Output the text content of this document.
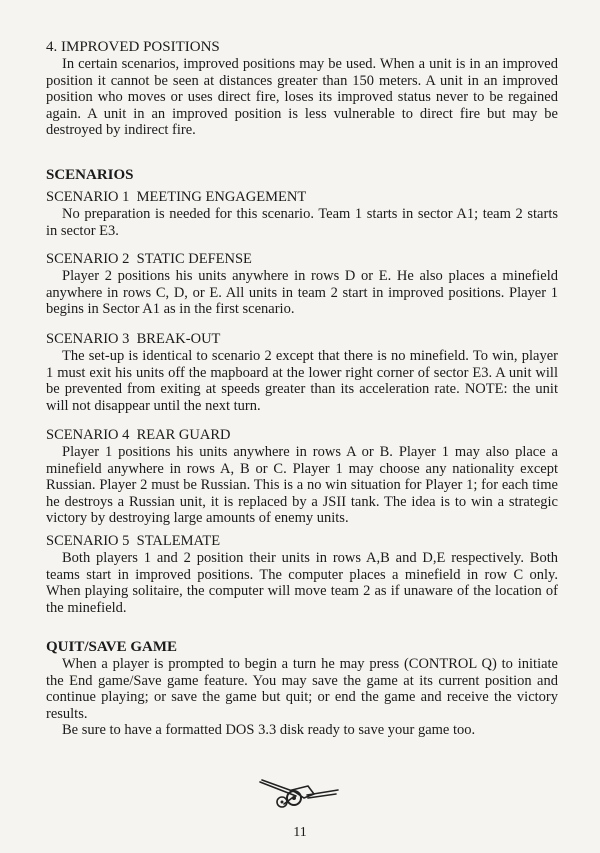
4. IMPROVED POSITIONS

In certain scenarios, improved positions may be used. When a unit is in an improved position it cannot be seen at distances greater than 150 meters. A unit in an improved position who moves or uses direct fire, loses its improved status never to be regained again. A unit in an improved position is less vulnerable to direct fire but may be destroyed by indirect fire.

SCENARIOS
SCENARIO 1  MEETING ENGAGEMENT

No preparation is needed for this scenario. Team 1 starts in sector A1; team 2 starts in sector E3.

SCENARIO 2  STATIC DEFENSE

Player 2 positions his units anywhere in rows D or E. He also places a minefield anywhere in rows C, D, or E. All units in team 2 start in improved positions. Player 1 begins in Sector A1 as in the first scenario.

SCENARIO 3  BREAK-OUT

The set-up is identical to scenario 2 except that there is no minefield. To win, player 1 must exit his units off the mapboard at the lower right corner of sector E3. A unit will be prevented from exiting at speeds greater than its acceleration rate. NOTE: the unit will not disappear until the next turn.

SCENARIO 4  REAR GUARD

Player 1 positions his units anywhere in rows A or B. Player 1 may also place a minefield anywhere in rows A, B or C. Player 1 may choose any nationality except Russian. Player 2 must be Russian. This is a no win situation for Player 1; for each time he destroys a Russian unit, it is replaced by a JSII tank. The idea is to win a strategic victory by destroying large amounts of enemy units.

SCENARIO 5  STALEMATE

Both players 1 and 2 position their units in rows A,B and D,E respectively. Both teams start in improved positions. The computer places a minefield in row C only. When playing solitaire, the computer will move team 2 as if unaware of the location of the minefield.

QUIT/SAVE GAME

When a player is prompted to begin a turn he may press (CONTROL Q) to initiate the End game/Save game feature. You may save the game at its current position and continue playing; or save the game but quit; or end the game and receive the victory results.

Be sure to have a formatted DOS 3.3 disk ready to save your game too.

11
